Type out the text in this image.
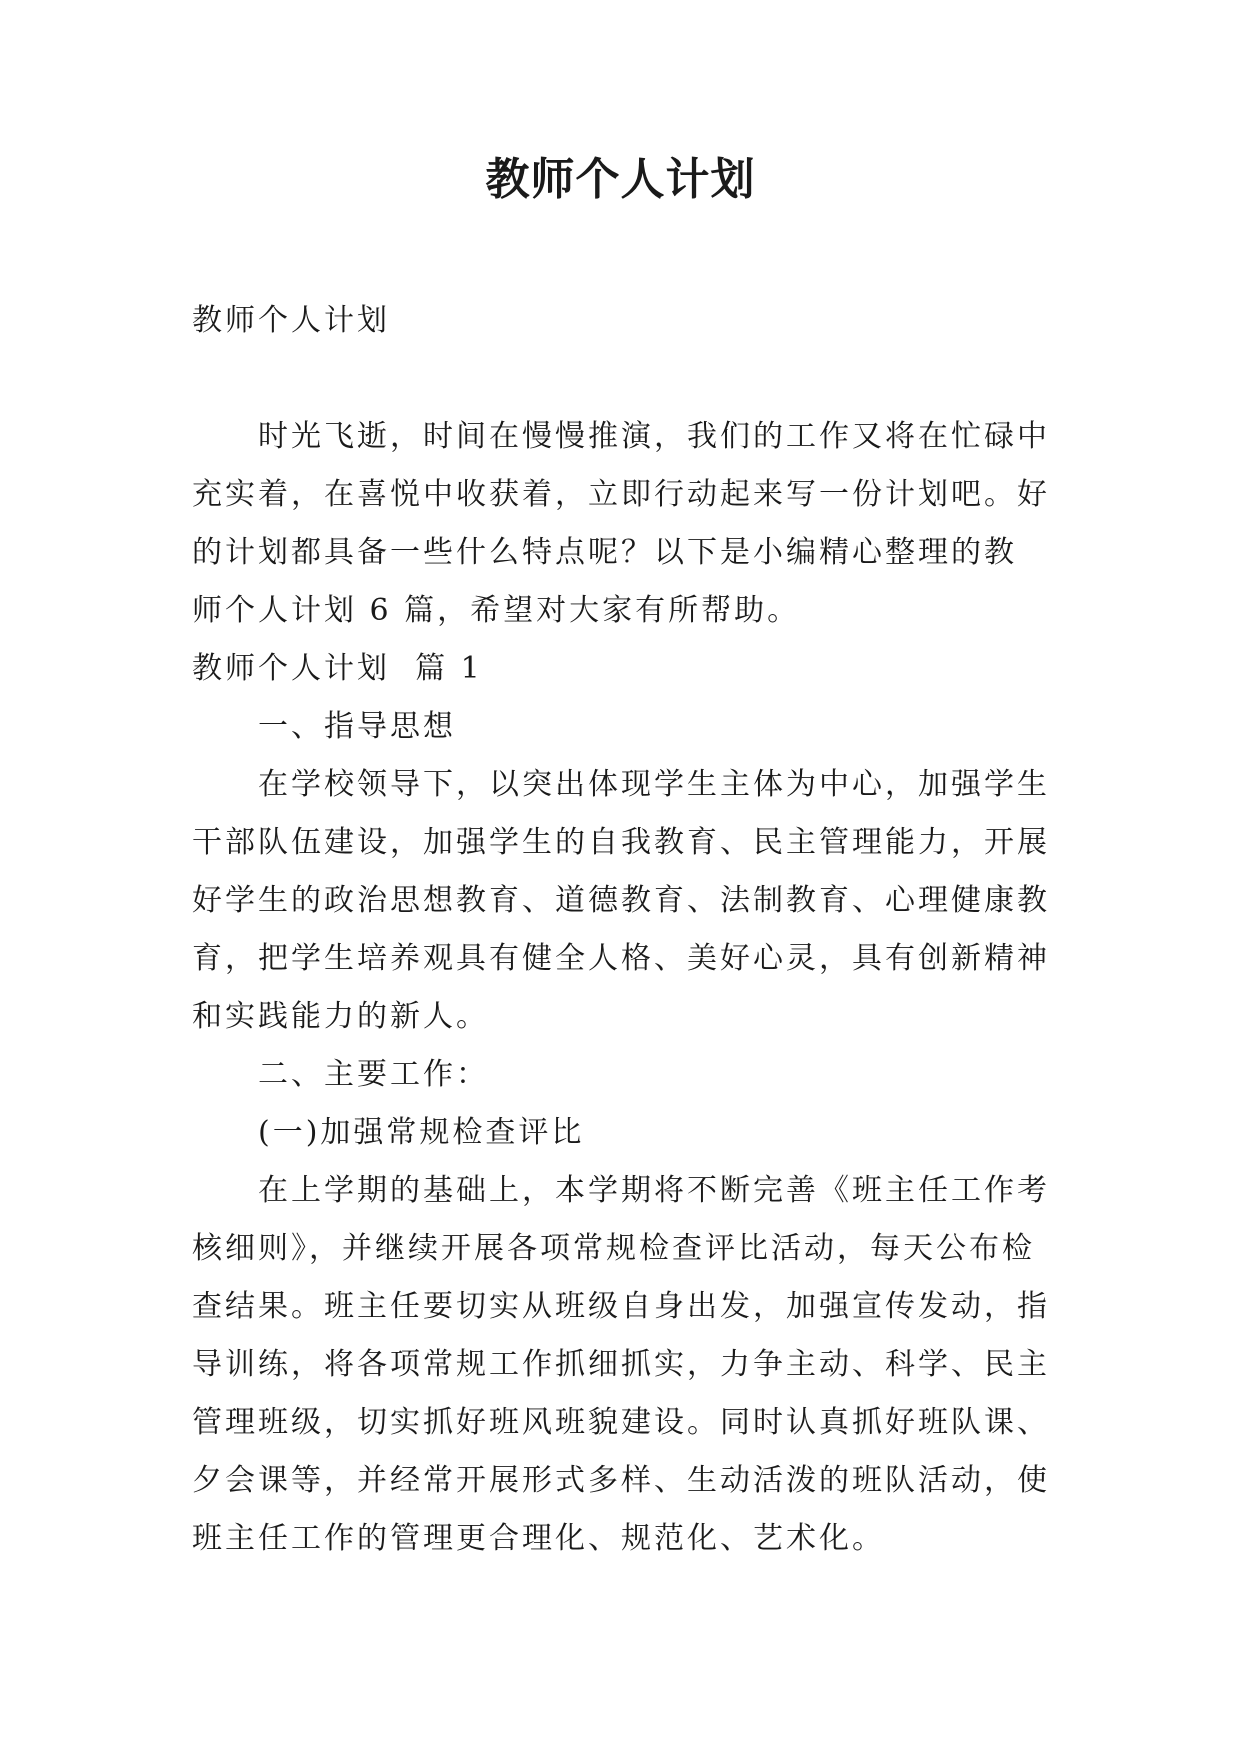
教师个人计划

教师个人计划

时光飞逝，时间在慢慢推演，我们的工作又将在忙碌中
充实着，在喜悦中收获着，立即行动起来写一份计划吧。好
的计划都具备一些什么特点呢？以下是小编精心整理的教
师个人计划 6 篇，希望对大家有所帮助。

教师个人计划  篇 1

一、指导思想

在学校领导下，以突出体现学生主体为中心，加强学生
干部队伍建设，加强学生的自我教育、民主管理能力，开展
好学生的政治思想教育、道德教育、法制教育、心理健康教
育，把学生培养观具有健全人格、美好心灵，具有创新精神
和实践能力的新人。

二、主要工作：

(一)加强常规检查评比

在上学期的基础上，本学期将不断完善《班主任工作考
核细则》，并继续开展各项常规检查评比活动，每天公布检
查结果。班主任要切实从班级自身出发，加强宣传发动，指
导训练，将各项常规工作抓细抓实，力争主动、科学、民主
管理班级，切实抓好班风班貌建设。同时认真抓好班队课、
夕会课等，并经常开展形式多样、生动活泼的班队活动，使
班主任工作的管理更合理化、规范化、艺术化。
